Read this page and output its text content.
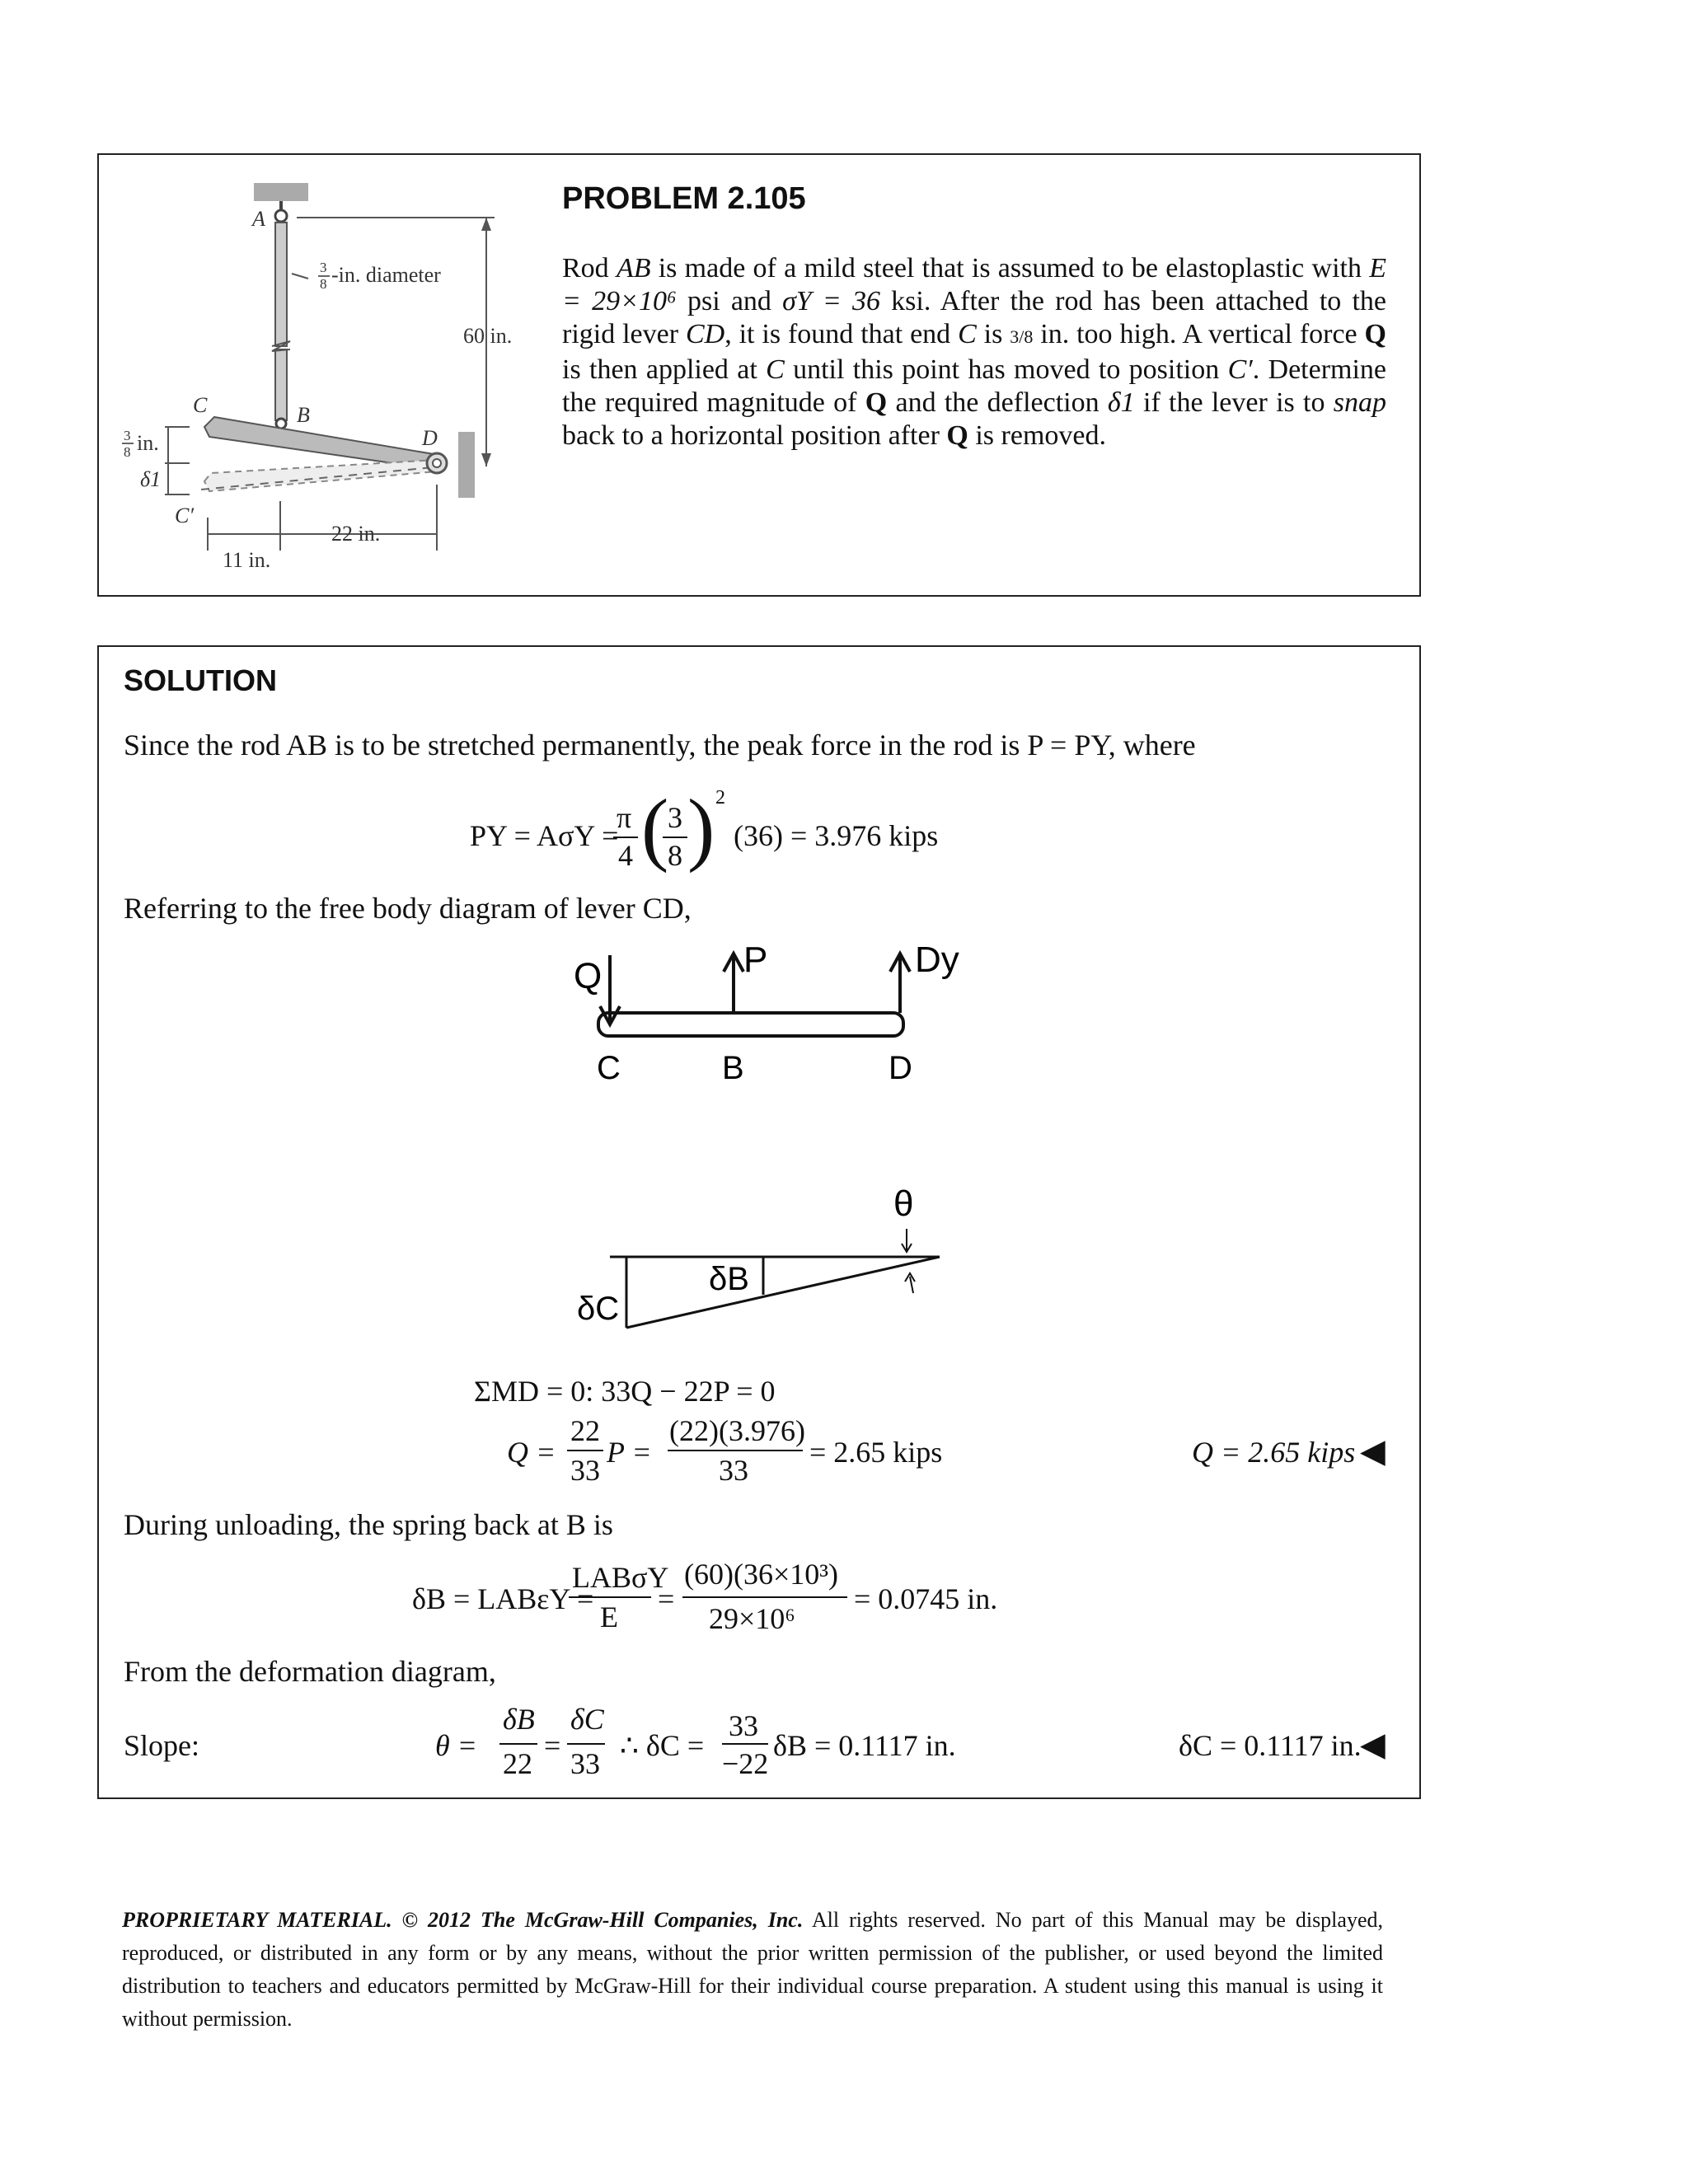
60 in.
A
B
C
D
C′
3
8 -in. diameter
3
8 in.
δ1
11 in.
22 in.
PROBLEM 2.105
Rod AB is made of a mild steel that is assumed to be elastoplastic with E = 29×10⁶ psi and σY = 36 ksi. After the rod has been attached to the rigid lever CD, it is found that end C is 3/8 in. too high. A vertical force Q is then applied at C until this point has moved to position C′. Determine the required magnitude of Q and the deflection δ1 if the lever is to snap back to a horizontal position after Q is removed.
SOLUTION
Since the rod AB is to be stretched permanently, the peak force in the rod is P = PY, where
PY = AσY =
π
4 (
3
8 ) 2
(36) = 3.976 kips
Referring to the free body diagram of lever CD,
Q	P	Dy
C	B	D
θ
δC
δB
ΣMD = 0: 33Q − 22P = 0
Q =
22
33
P =
(22)(3.976)
33
= 2.65 kips	Q = 2.65 kips ◀
During unloading, the spring back at B is
δB = LABεY =
LABσY
E
=
(60)(36×10³)
29×10⁶
= 0.0745 in.
From the deformation diagram,
Slope:	θ =
δB
22
=
δC
33
∴ δC =
33
−22
δB = 0.1117 in.	δC = 0.1117 in.
◀
PROPRIETARY MATERIAL. © 2012 The McGraw-Hill Companies, Inc. All rights reserved. No part of this Manual may be displayed, reproduced, or distributed in any form or by any means, without the prior written permission of the publisher, or used beyond the limited distribution to teachers and educators permitted by McGraw-Hill for their individual course preparation. A student using this manual is using it without permission.
